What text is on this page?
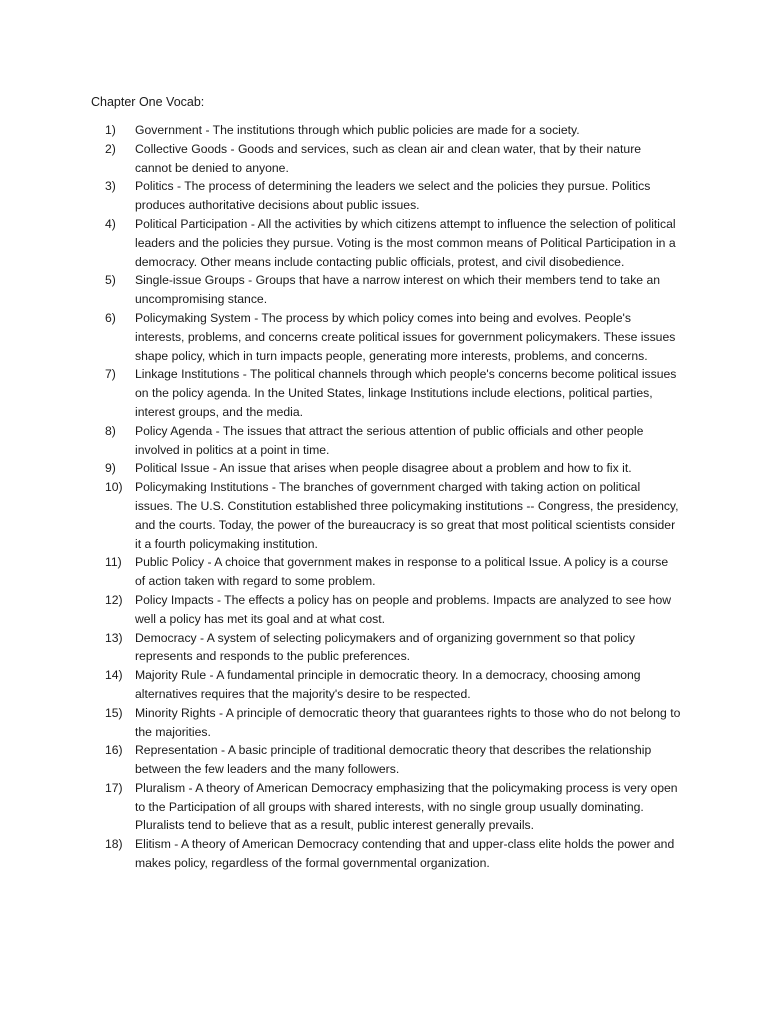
Chapter One Vocab:
1)	Government - The institutions through which public policies are made for a society.
2)	Collective Goods - Goods and services, such as clean air and clean water, that by their nature cannot be denied to anyone.
3)	Politics - The process of determining the leaders we select and the policies they pursue. Politics produces authoritative decisions about public issues.
4)	Political Participation - All the activities by which citizens attempt to influence the selection of political leaders and the policies they pursue. Voting is the most common means of Political Participation in a democracy. Other means include contacting public officials, protest, and civil disobedience.
5)	Single-issue Groups - Groups that have a narrow interest on which their members tend to take an uncompromising stance.
6)	Policymaking System - The process by which policy comes into being and evolves. People's interests, problems, and concerns create political issues for government policymakers. These issues shape policy, which in turn impacts people, generating more interests, problems, and concerns.
7)	Linkage Institutions - The political channels through which people's concerns become political issues on the policy agenda. In the United States, linkage Institutions include elections, political parties, interest groups, and the media.
8)	Policy Agenda - The issues that attract the serious attention of public officials and other people involved in politics at a point in time.
9)	Political Issue - An issue that arises when people disagree about a problem and how to fix it.
10)	Policymaking Institutions - The branches of government charged with taking action on political issues. The U.S. Constitution established three policymaking institutions -- Congress, the presidency, and the courts. Today, the power of the bureaucracy is so great that most political scientists consider it a fourth policymaking institution.
11)	Public Policy - A choice that government makes in response to a political Issue. A policy is a course of action taken with regard to some problem.
12)	Policy Impacts - The effects a policy has on people and problems. Impacts are analyzed to see how well a policy has met its goal and at what cost.
13)	Democracy - A system of selecting policymakers and of organizing government so that policy represents and responds to the public preferences.
14)	Majority Rule - A fundamental principle in democratic theory. In a democracy, choosing among alternatives requires that the majority's desire to be respected.
15)	Minority Rights - A principle of democratic theory that guarantees rights to those who do not belong to the majorities.
16)	Representation - A basic principle of traditional democratic theory that describes the relationship between the few leaders and the many followers.
17)	Pluralism - A theory of American Democracy emphasizing that the policymaking process is very open to the Participation of all groups with shared interests, with no single group usually dominating. Pluralists tend to believe that as a result, public interest generally prevails.
18)	Elitism - A theory of American Democracy contending that and upper-class elite holds the power and makes policy, regardless of the formal governmental organization.
